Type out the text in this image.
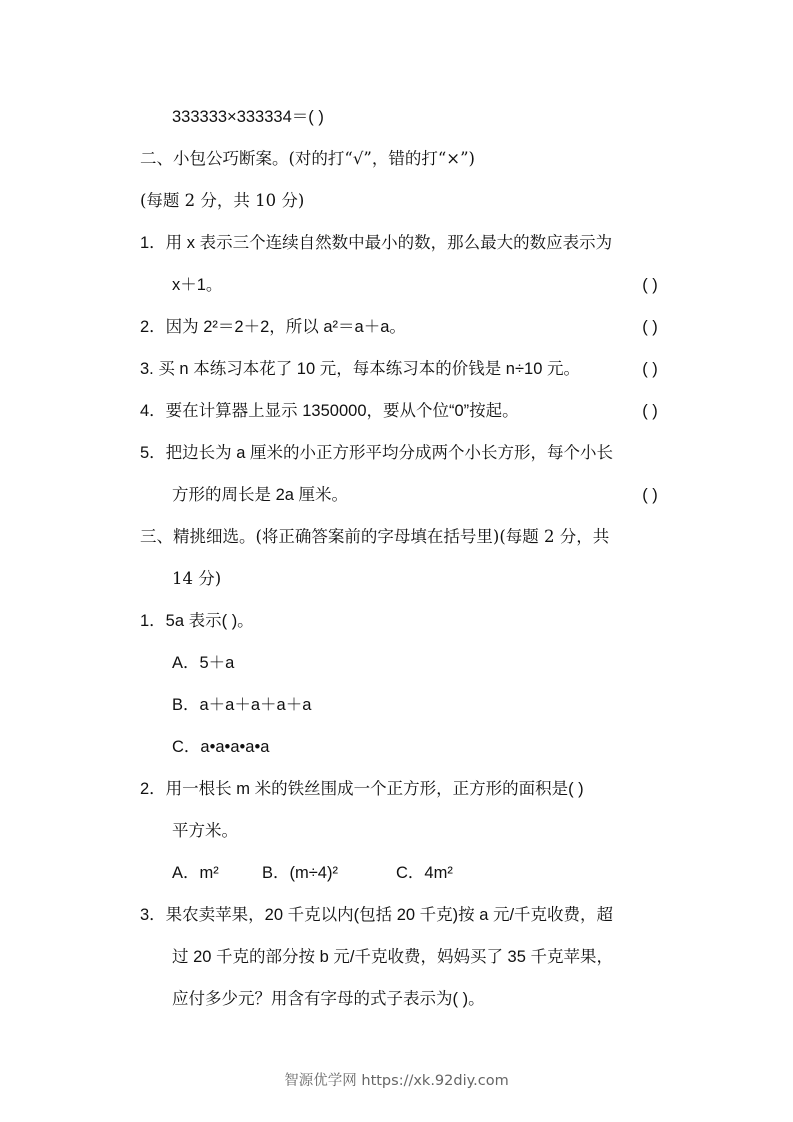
333333×333334＝( )
二、小包公巧断案。(对的打“√”，错的打“×”)
(每题 2 分，共 10 分)
1．用 x 表示三个连续自然数中最小的数，那么最大的数应表示为
x＋1。	( )
2．因为 2²＝2＋2，所以 a²＝a＋a。	( )
3. 买 n 本练习本花了 10 元，每本练习本的价钱是 n÷10 元。	( )
4．要在计算器上显示 1350000，要从个位“0”按起。	( )
5．把边长为 a 厘米的小正方形平均分成两个小长方形，每个小长
方形的周长是 2a 厘米。	( )
三、精挑细选。(将正确答案前的字母填在括号里)(每题 2 分，共
14 分)
1．5a 表示( )。
A．5＋a
B．a＋a＋a＋a＋a
C．a•a•a•a•a
2．用一根长 m 米的铁丝围成一个正方形，正方形的面积是( )
平方米。
A．m²	B．(m÷4)²	C．4m²
3．果农卖苹果，20 千克以内(包括 20 千克)按 a 元/千克收费，超
过 20 千克的部分按 b 元/千克收费，妈妈买了 35 千克苹果，
应付多少元？用含有字母的式子表示为( )。
智源优学网 https://xk.92diy.com
